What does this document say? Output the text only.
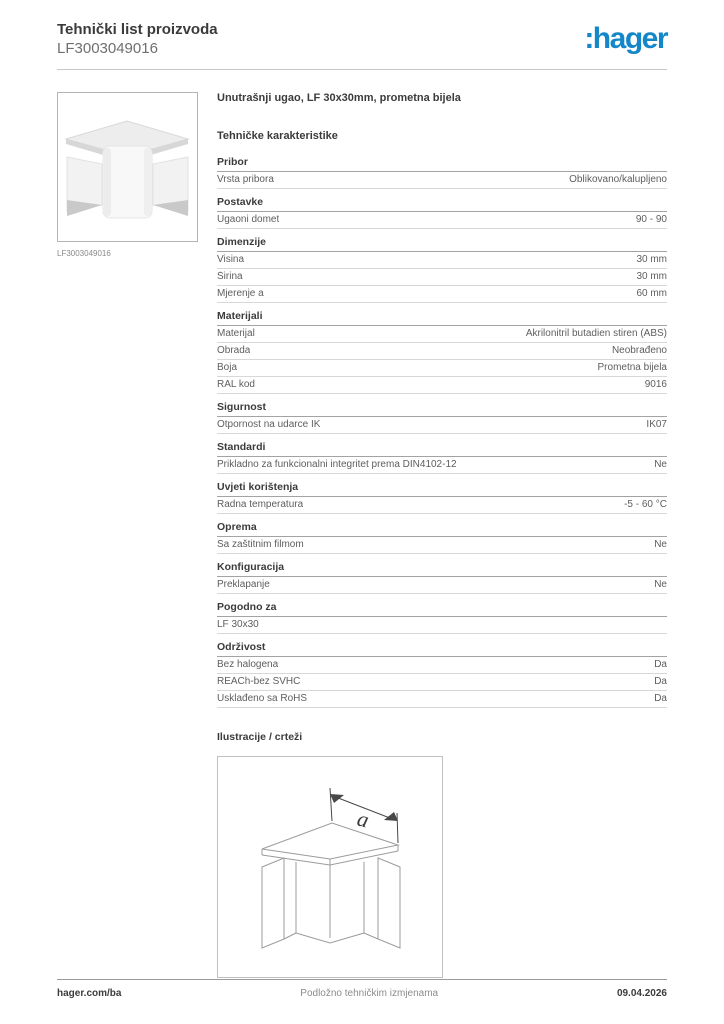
Tehnički list proizvoda
LF3003049016	:hager
LF3003049016
Unutrašnji ugao, LF 30x30mm, prometna bijela
Tehničke karakteristike
Pribor
Vrsta pribora	Oblikovano/kalupljeno
Postavke
Ugaoni domet	90 - 90
Dimenzije
Visina	30 mm
Širina	30 mm
Mjerenje a	60 mm
Materijali
Materijal	Akrilonitril butadien stiren (ABS)
Obrada	Neobrađeno
Boja	Prometna bijela
RAL kod	9016
Sigurnost
Otpornost na udarce IK	IK07
Standardi
Prikladno za funkcionalni integritet prema DIN4102-12	Ne
Uvjeti korištenja
Radna temperatura	-5 - 60 °C
Oprema
Sa zaštitnim filmom	Ne
Konfiguracija
Preklapanje	Ne
Pogodno za
LF 30x30
Održivost
Bez halogena	Da
REACh-bez SVHC	Da
Usklađeno sa RoHS	Da
Ilustracije / crteži
a
hager.com/ba	Podložno tehničkim izmjenama	09.04.2026
